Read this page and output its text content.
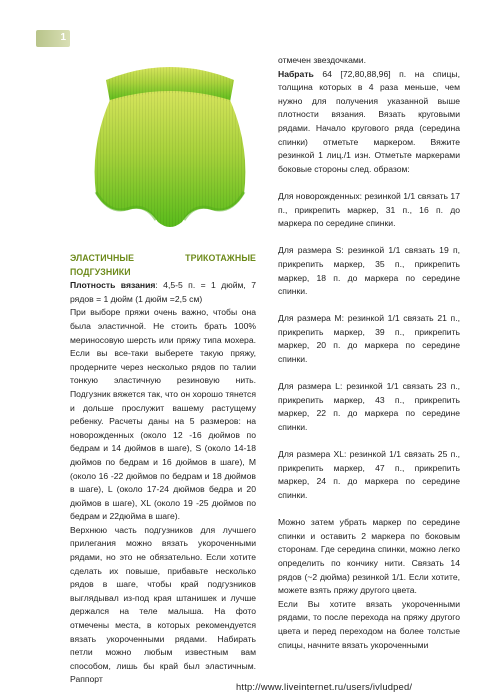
1

ЭЛАСТИЧНЫЕ ТРИКОТАЖНЫЕ ПОДГУЗНИКИ

Плотность вязания: 4,5-5 п. = 1 дюйм, 7 рядов = 1 дюйм (1 дюйм =2,5 см)

При выборе пряжи очень важно, чтобы она была эластичной. Не стоить брать 100% мериносовую шерсть или пряжу типа мохера. Если вы все-таки выберете такую пряжу, продерните через несколько рядов по талии тонкую эластичную резиновую нить. Подгузник вяжется так, что он хорошо тянется и дольше прослужит вашему растущему ребенку. Расчеты даны на 5 размеров: на новорожденных (около 12 -16 дюймов по бедрам и 14 дюймов в шаге), S (около 14-18 дюймов по бедрам и 16 дюймов в шаге), M (около 16 -22 дюймов по бедрам и 18 дюймов в шаге), L (около 17-24 дюймов бедра и 20 дюймов в шаге), XL (около 19 -25 дюймов по бедрам и 22дюйма в шаге).

Верхнюю часть подгузников для лучшего прилегания можно вязать укороченными рядами, но это не обязательно. Если хотите сделать их повыше, прибавьте несколько рядов в шаге, чтобы край подгузников выглядывал из-под края штанишек и лучше держался на теле малыша. На фото отмечены места, в которых рекомендуется вязать укороченными рядами. Набирать петли можно любым известным вам способом, лишь бы край был эластичным. Раппорт

отмечен звездочками.

Набрать 64 [72,80,88,96] п. на спицы, толщина которых в 4 раза меньше, чем нужно для получения указанной выше плотности вязания. Вязать круговыми рядами. Начало кругового ряда (середина спинки) отметьте маркером. Вяжите резинкой 1 лиц./1 изн. Отметьте маркерами боковые стороны след. образом:

Для новорожденных: резинкой 1/1 связать 17 п., прикрепить маркер, 31 п., 16 п. до маркера по середине спинки.

Для размера S: резинкой 1/1 связать 19 п, прикрепить маркер, 35 п., прикрепить маркер, 18 п. до маркера по середине спинки.

Для размера M: резинкой 1/1 связать 21 п., прикрепить маркер, 39 п., прикрепить маркер, 20 п. до маркера по середине спинки.

Для размера L: резинкой 1/1 связать 23 п., прикрепить маркер, 43 п., прикрепить маркер, 22 п. до маркера по середине спинки.

Для размера XL: резинкой 1/1 связать 25 п., прикрепить маркер, 47 п., прикрепить маркер, 24 п. до маркера по середине спинки.

Можно затем убрать маркер по середине спинки и оставить 2 маркера по боковым сторонам. Где середина спинки, можно легко определить по кончику нити. Связать 14 рядов (~2 дюйма) резинкой 1/1. Если хотите, можете взять пряжу другого цвета.

Если Вы хотите вязать укороченными рядами, то после перехода на пряжу другого цвета и перед переходом на более толстые спицы, начните вязать укороченными

http://www.liveinternet.ru/users/ivludped/
